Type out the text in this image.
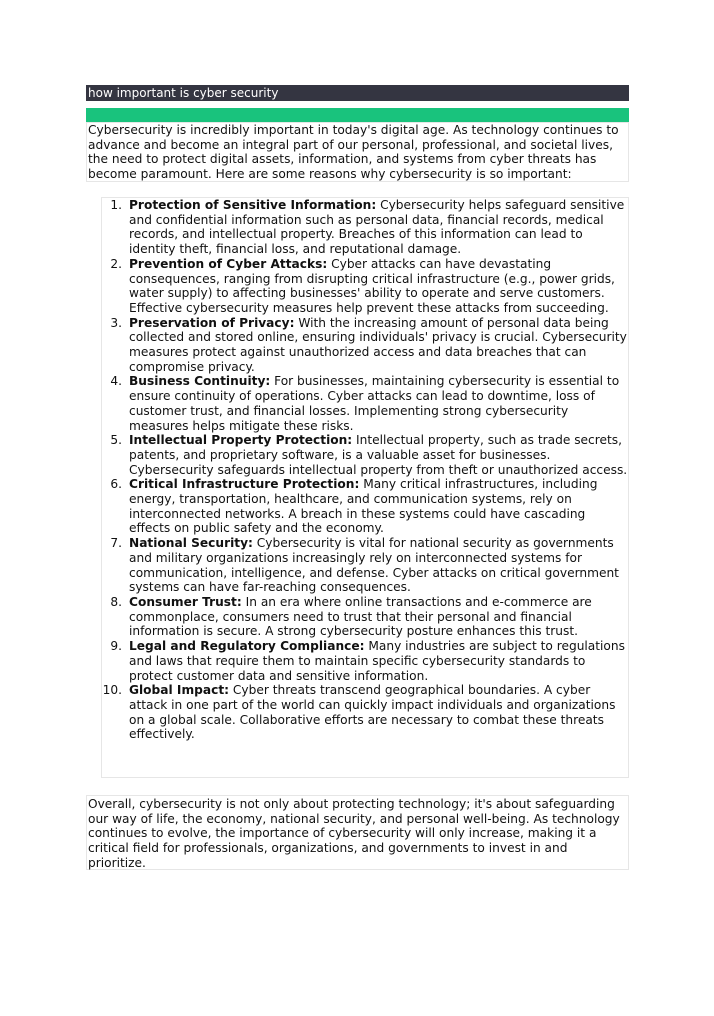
how important is cyber security

Cybersecurity is incredibly important in today's digital age. As technology continues to advance and become an integral part of our personal, professional, and societal lives, the need to protect digital assets, information, and systems from cyber threats has become paramount. Here are some reasons why cybersecurity is so important:

1. Protection of Sensitive Information: Cybersecurity helps safeguard sensitive and confidential information such as personal data, financial records, medical records, and intellectual property. Breaches of this information can lead to identity theft, financial loss, and reputational damage.
2. Prevention of Cyber Attacks: Cyber attacks can have devastating consequences, ranging from disrupting critical infrastructure (e.g., power grids, water supply) to affecting businesses' ability to operate and serve customers. Effective cybersecurity measures help prevent these attacks from succeeding.
3. Preservation of Privacy: With the increasing amount of personal data being collected and stored online, ensuring individuals' privacy is crucial. Cybersecurity measures protect against unauthorized access and data breaches that can compromise privacy.
4. Business Continuity: For businesses, maintaining cybersecurity is essential to ensure continuity of operations. Cyber attacks can lead to downtime, loss of customer trust, and financial losses. Implementing strong cybersecurity measures helps mitigate these risks.
5. Intellectual Property Protection: Intellectual property, such as trade secrets, patents, and proprietary software, is a valuable asset for businesses. Cybersecurity safeguards intellectual property from theft or unauthorized access.
6. Critical Infrastructure Protection: Many critical infrastructures, including energy, transportation, healthcare, and communication systems, rely on interconnected networks. A breach in these systems could have cascading effects on public safety and the economy.
7. National Security: Cybersecurity is vital for national security as governments and military organizations increasingly rely on interconnected systems for communication, intelligence, and defense. Cyber attacks on critical government systems can have far-reaching consequences.
8. Consumer Trust: In an era where online transactions and e-commerce are commonplace, consumers need to trust that their personal and financial information is secure. A strong cybersecurity posture enhances this trust.
9. Legal and Regulatory Compliance: Many industries are subject to regulations and laws that require them to maintain specific cybersecurity standards to protect customer data and sensitive information.
10. Global Impact: Cyber threats transcend geographical boundaries. A cyber attack in one part of the world can quickly impact individuals and organizations on a global scale. Collaborative efforts are necessary to combat these threats effectively.

Overall, cybersecurity is not only about protecting technology; it's about safeguarding our way of life, the economy, national security, and personal well-being. As technology continues to evolve, the importance of cybersecurity will only increase, making it a critical field for professionals, organizations, and governments to invest in and prioritize.
